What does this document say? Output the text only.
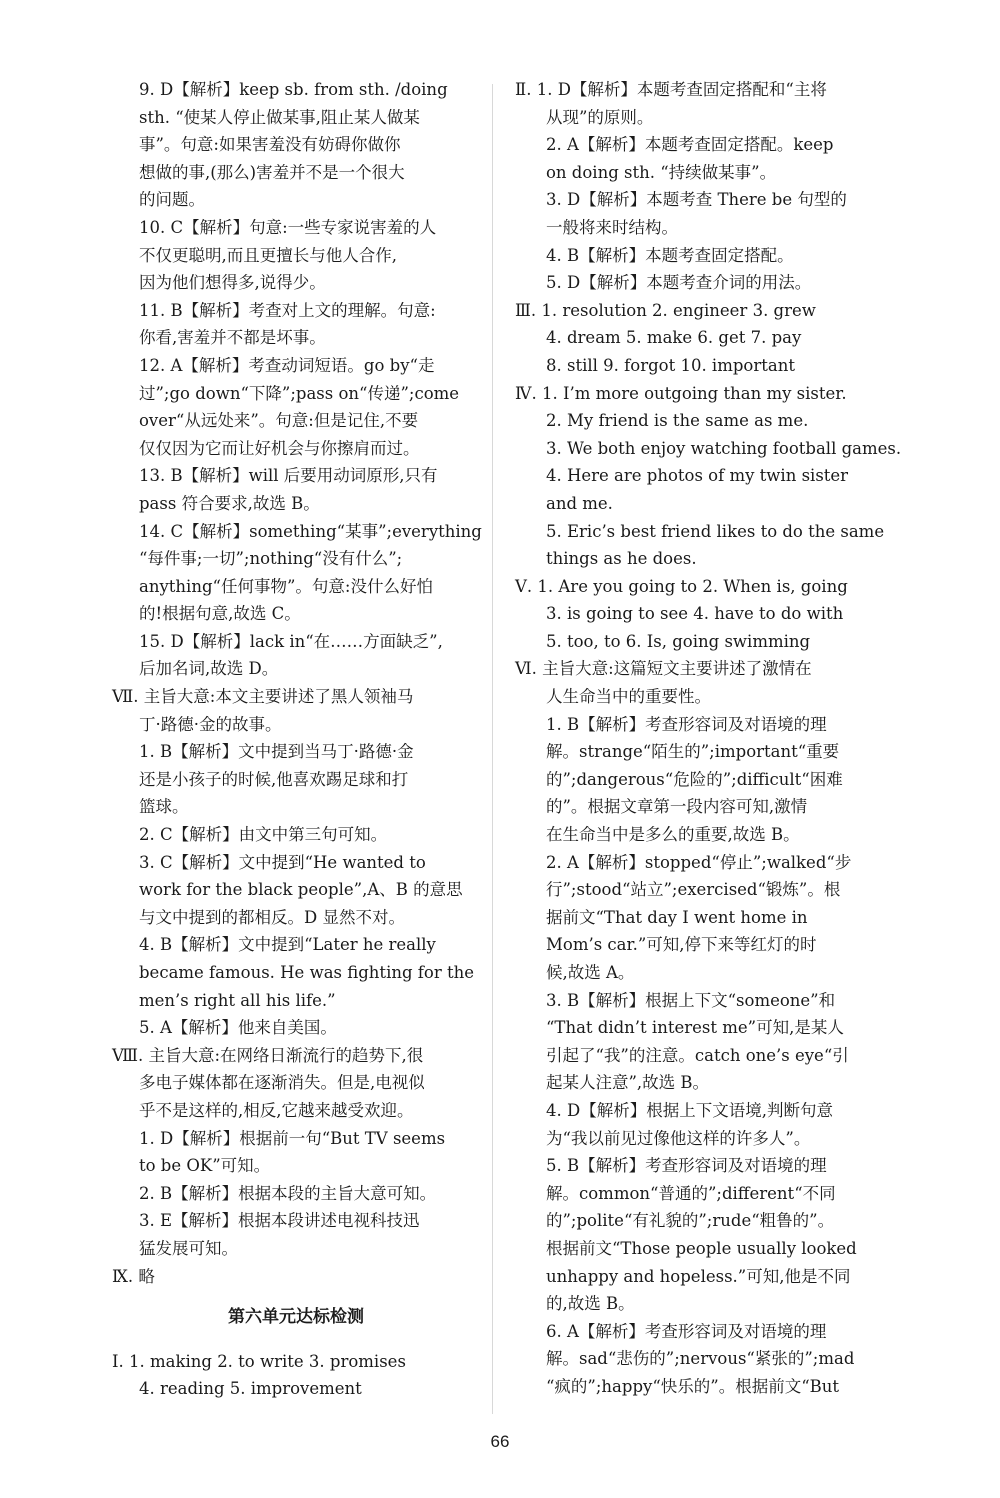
9. D【解析】keep sb. from sth. /doing
sth. “使某人停止做某事,阻止某人做某
事”。句意:如果害羞没有妨碍你做你
想做的事,(那么)害羞并不是一个很大
的问题。
10. C【解析】句意:一些专家说害羞的人
不仅更聪明,而且更擅长与他人合作,
因为他们想得多,说得少。
11. B【解析】考查对上文的理解。句意:
你看,害羞并不都是坏事。
12. A【解析】考查动词短语。go by“走
过”;go down“下降”;pass on“传递”;come
over“从远处来”。句意:但是记住,不要
仅仅因为它而让好机会与你擦肩而过。
13. B【解析】will 后要用动词原形,只有
pass 符合要求,故选 B。
14. C【解析】something“某事”;everything
“每件事;一切”;nothing“没有什么”;
anything“任何事物”。句意:没什么好怕
的!根据句意,故选 C。
15. D【解析】lack in“在……方面缺乏”,
后加名词,故选 D。
Ⅶ. 主旨大意:本文主要讲述了黑人领袖马
丁·路德·金的故事。
1. B【解析】文中提到当马丁·路德·金
还是小孩子的时候,他喜欢踢足球和打
篮球。
2. C【解析】由文中第三句可知。
3. C【解析】文中提到“He wanted to
work for the black people”,A、B 的意思
与文中提到的都相反。D 显然不对。
4. B【解析】文中提到“Later he really
became famous. He was fighting for the
men’s right all his life.”
5. A【解析】他来自美国。
Ⅷ. 主旨大意:在网络日渐流行的趋势下,很
多电子媒体都在逐渐消失。但是,电视似
乎不是这样的,相反,它越来越受欢迎。
1. D【解析】根据前一句“But TV seems
to be OK”可知。
2. B【解析】根据本段的主旨大意可知。
3. E【解析】根据本段讲述电视科技迅
猛发展可知。
Ⅸ. 略
第六单元达标检测
Ⅰ. 1. making 2. to write 3. promises
4. reading 5. improvement
Ⅱ. 1. D【解析】本题考查固定搭配和“主将
从现”的原则。
2. A【解析】本题考查固定搭配。keep
on doing sth. “持续做某事”。
3. D【解析】本题考查 There be 句型的
一般将来时结构。
4. B【解析】本题考查固定搭配。
5. D【解析】本题考查介词的用法。
Ⅲ. 1. resolution 2. engineer 3. grew
4. dream 5. make 6. get 7. pay
8. still 9. forgot 10. important
Ⅳ. 1. I’m more outgoing than my sister.
2. My friend is the same as me.
3. We both enjoy watching football games.
4. Here are photos of my twin sister
and me.
5. Eric’s best friend likes to do the same
things as he does.
Ⅴ. 1. Are you going to 2. When is, going
3. is going to see 4. have to do with
5. too, to 6. Is, going swimming
Ⅵ. 主旨大意:这篇短文主要讲述了激情在
人生命当中的重要性。
1. B【解析】考查形容词及对语境的理
解。strange“陌生的”;important“重要
的”;dangerous“危险的”;difficult“困难
的”。根据文章第一段内容可知,激情
在生命当中是多么的重要,故选 B。
2. A【解析】stopped“停止”;walked“步
行”;stood“站立”;exercised“锻炼”。根
据前文“That day I went home in
Mom’s car.”可知,停下来等红灯的时
候,故选 A。
3. B【解析】根据上下文“someone”和
“That didn’t interest me”可知,是某人
引起了“我”的注意。catch one’s eye“引
起某人注意”,故选 B。
4. D【解析】根据上下文语境,判断句意
为“我以前见过像他这样的许多人”。
5. B【解析】考查形容词及对语境的理
解。common“普通的”;different“不同
的”;polite“有礼貌的”;rude“粗鲁的”。
根据前文“Those people usually looked
unhappy and hopeless.”可知,他是不同
的,故选 B。
6. A【解析】考查形容词及对语境的理
解。sad“悲伤的”;nervous“紧张的”;mad
“疯的”;happy“快乐的”。根据前文“But
66
